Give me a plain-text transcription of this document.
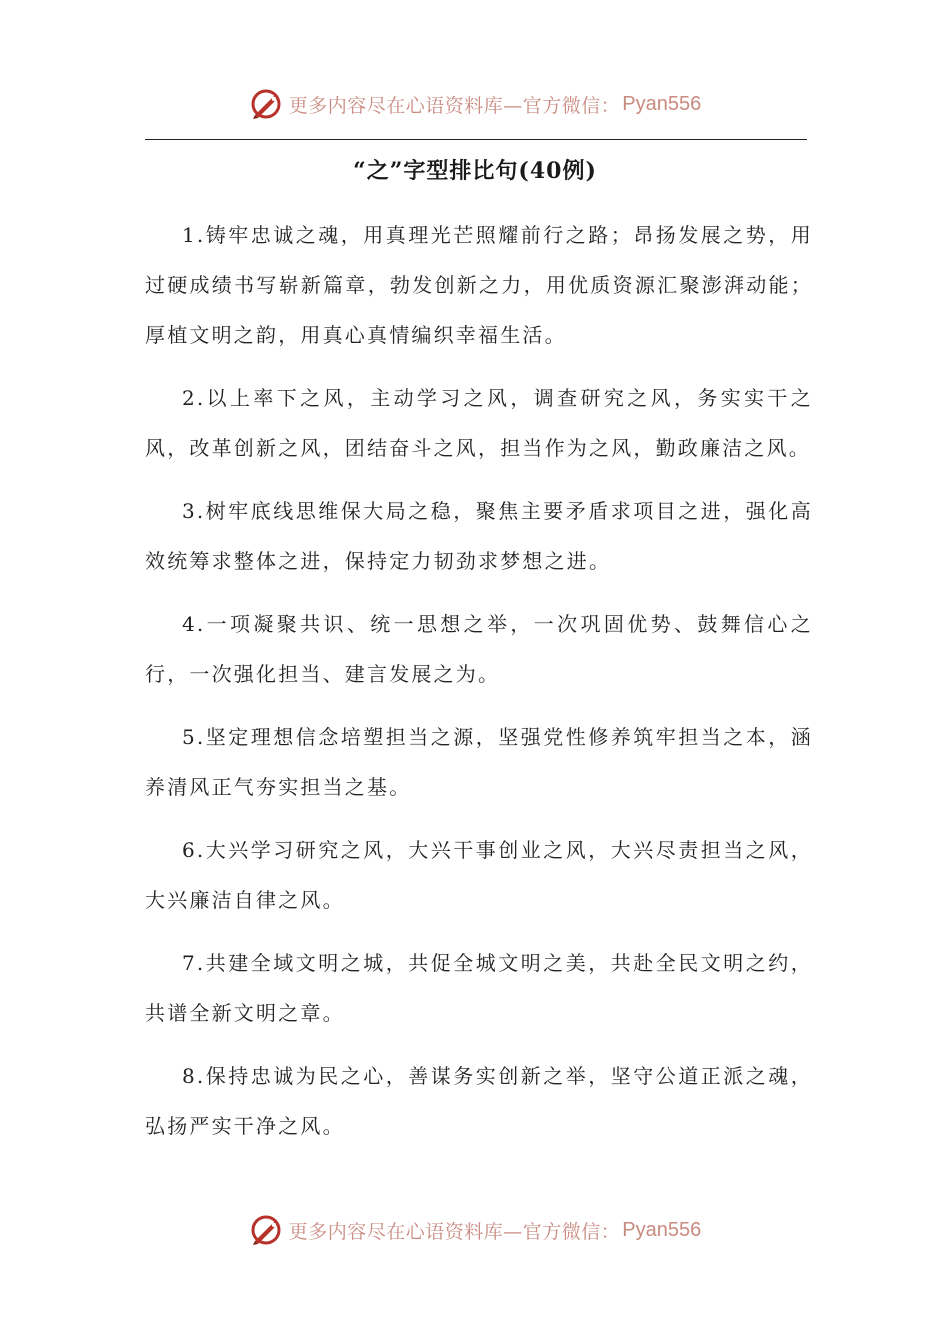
更多内容尽在心语资料库—官方微信： Pyan556
“之”字型排比句(40例)

1.铸牢忠诚之魂，用真理光芒照耀前行之路；昂扬发展之势，用过硬成绩书写崭新篇章，勃发创新之力，用优质资源汇聚澎湃动能；厚植文明之韵，用真心真情编织幸福生活。

2.以上率下之风，主动学习之风，调查研究之风，务实实干之风，改革创新之风，团结奋斗之风，担当作为之风，勤政廉洁之风。

3.树牢底线思维保大局之稳，聚焦主要矛盾求项目之进，强化高效统筹求整体之进，保持定力韧劲求梦想之进。

4.一项凝聚共识、统一思想之举，一次巩固优势、鼓舞信心之行，一次强化担当、建言发展之为。

5.坚定理想信念培塑担当之源，坚强党性修养筑牢担当之本，涵养清风正气夯实担当之基。

6.大兴学习研究之风，大兴干事创业之风，大兴尽责担当之风，大兴廉洁自律之风。

7.共建全域文明之城，共促全城文明之美，共赴全民文明之约，共谱全新文明之章。

8.保持忠诚为民之心，善谋务实创新之举，坚守公道正派之魂，弘扬严实干净之风。

更多内容尽在心语资料库—官方微信： Pyan556
